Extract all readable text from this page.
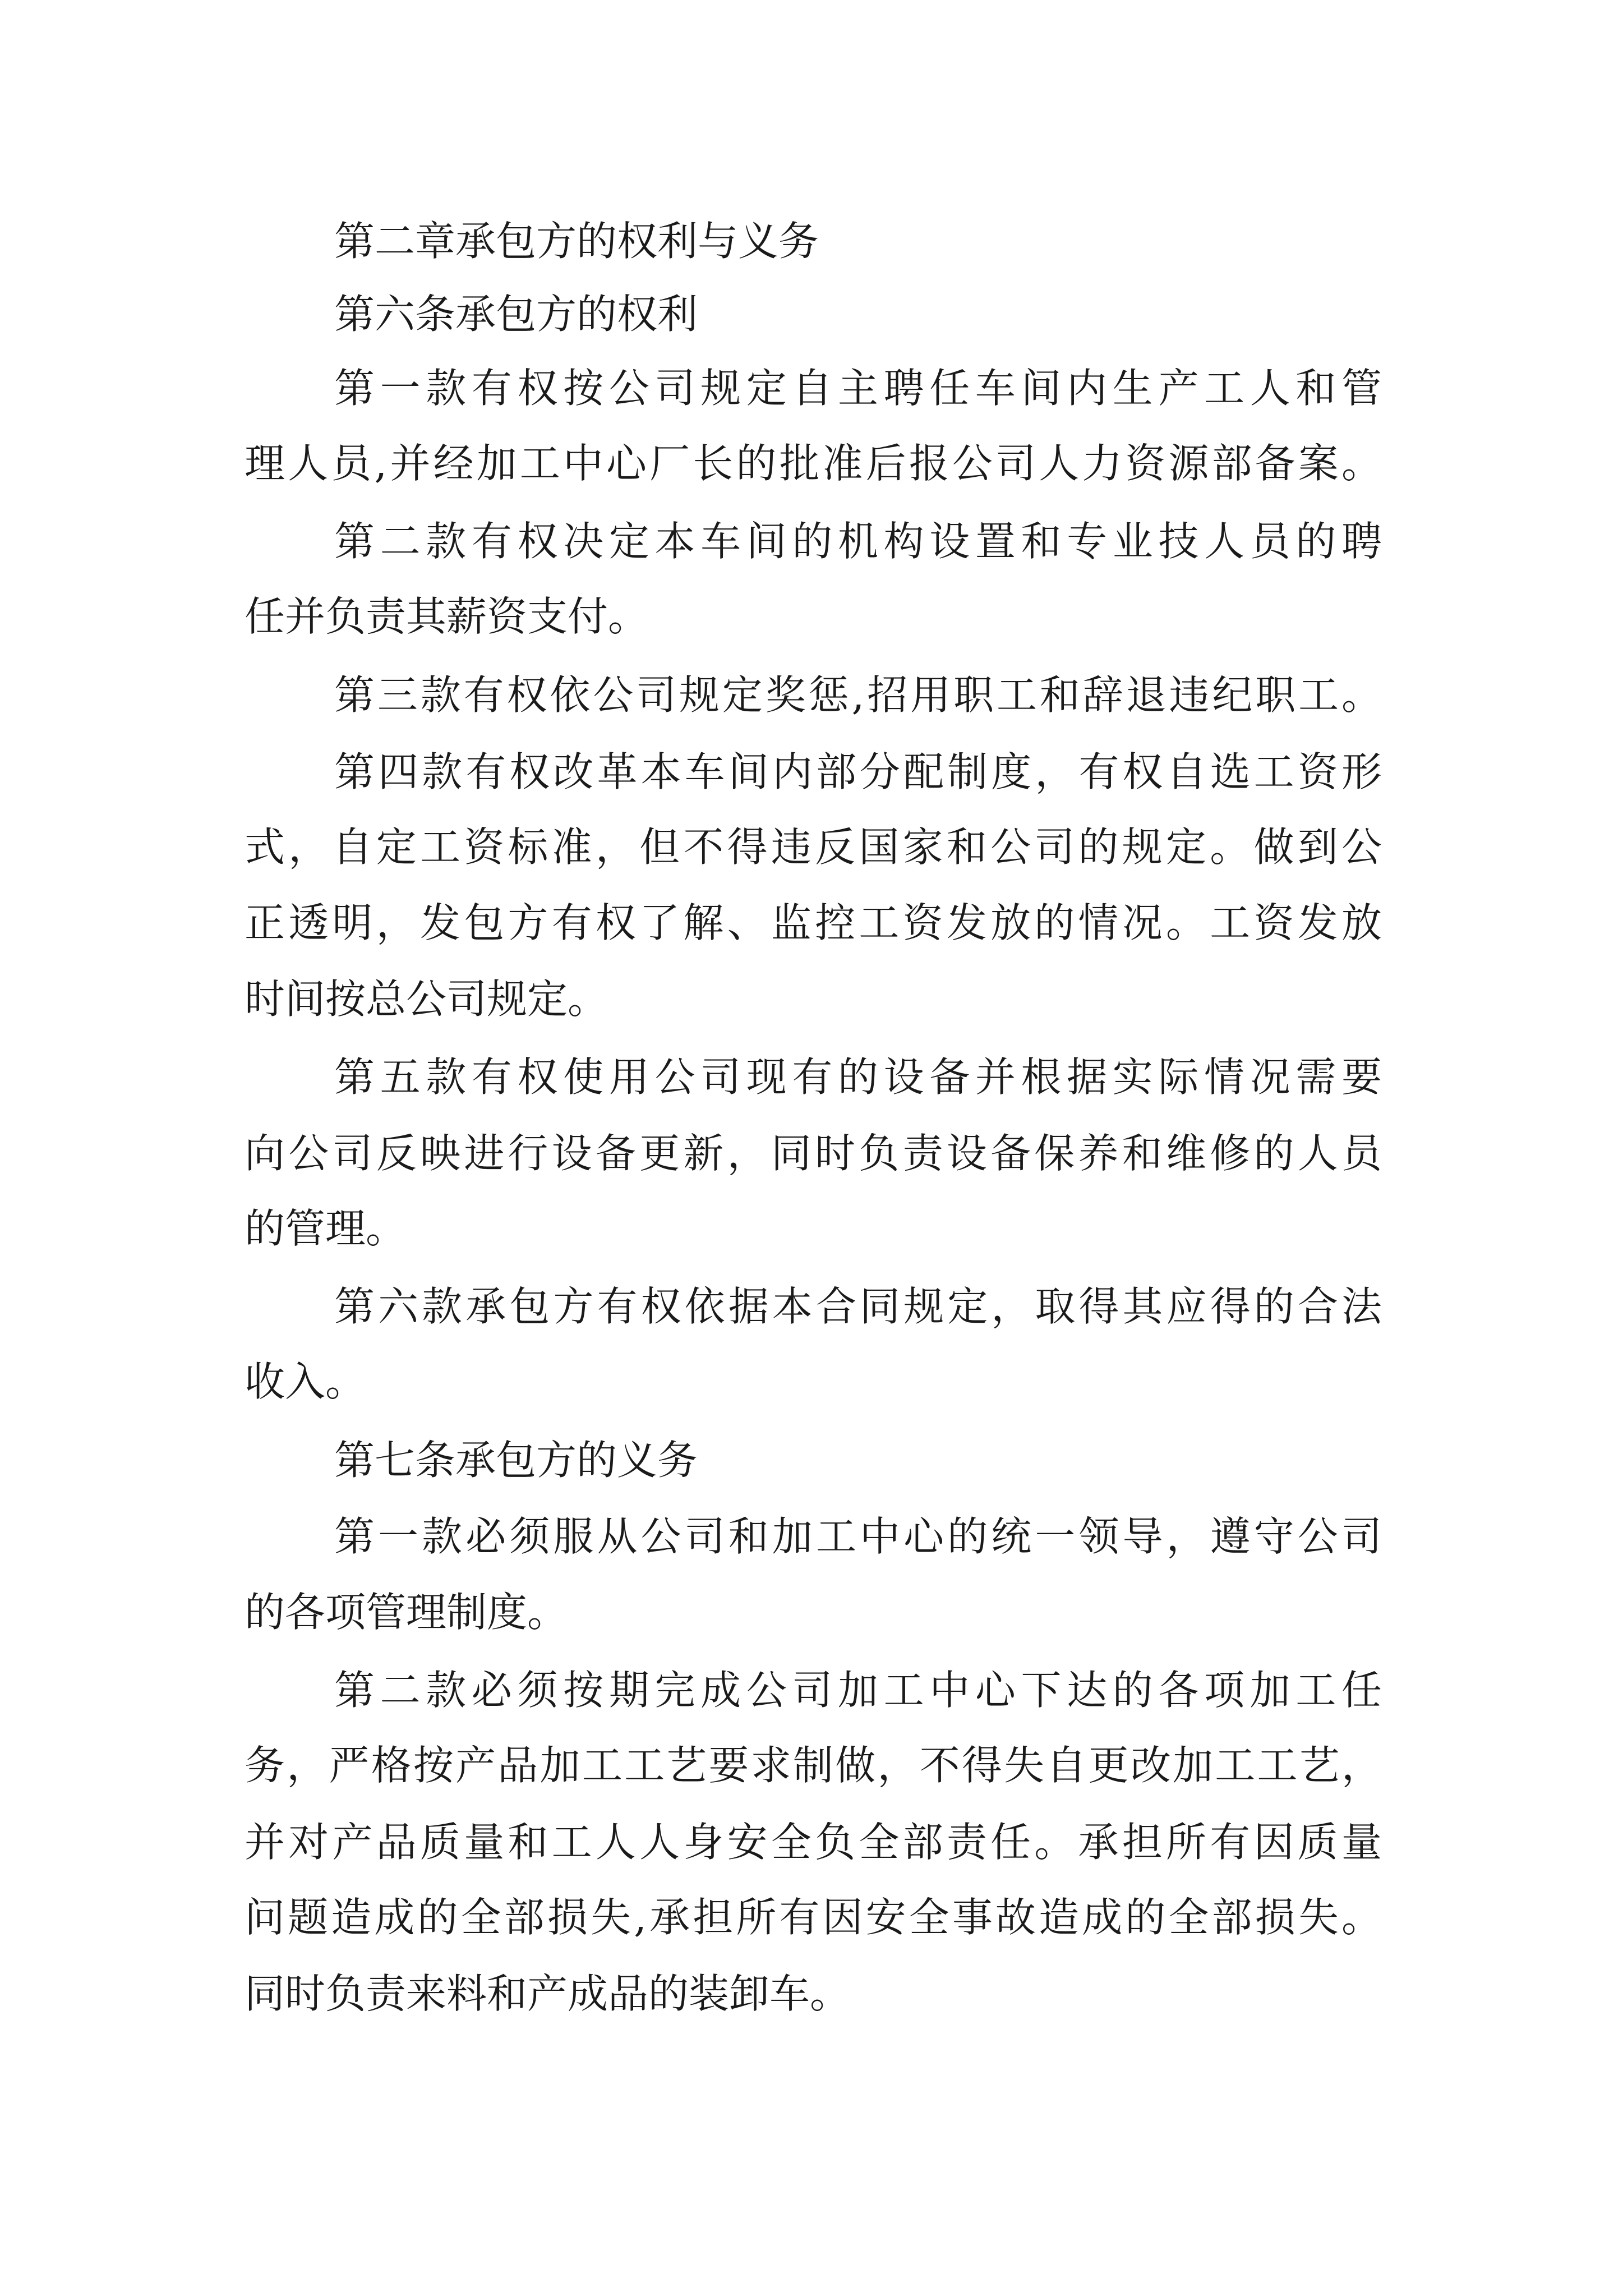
第二章承包方的权利与义务
第六条承包方的权利
第一款有权按公司规定自主聘任车间内生产工人和管
理人员,并经加工中心厂长的批准后报公司人力资源部备案。
第二款有权决定本车间的机构设置和专业技人员的聘
任并负责其薪资支付。
第三款有权依公司规定奖惩,招用职工和辞退违纪职工。
第四款有权改革本车间内部分配制度，有权自选工资形
式，自定工资标准，但不得违反国家和公司的规定。做到公
正透明，发包方有权了解、监控工资发放的情况。工资发放
时间按总公司规定。
第五款有权使用公司现有的设备并根据实际情况需要
向公司反映进行设备更新，同时负责设备保养和维修的人员
的管理。
第六款承包方有权依据本合同规定，取得其应得的合法
收入。
第七条承包方的义务
第一款必须服从公司和加工中心的统一领导，遵守公司
的各项管理制度。
第二款必须按期完成公司加工中心下达的各项加工任
务，严格按产品加工工艺要求制做，不得失自更改加工工艺，
并对产品质量和工人人身安全负全部责任。承担所有因质量
问题造成的全部损失,承担所有因安全事故造成的全部损失。
同时负责来料和产成品的装卸车。
